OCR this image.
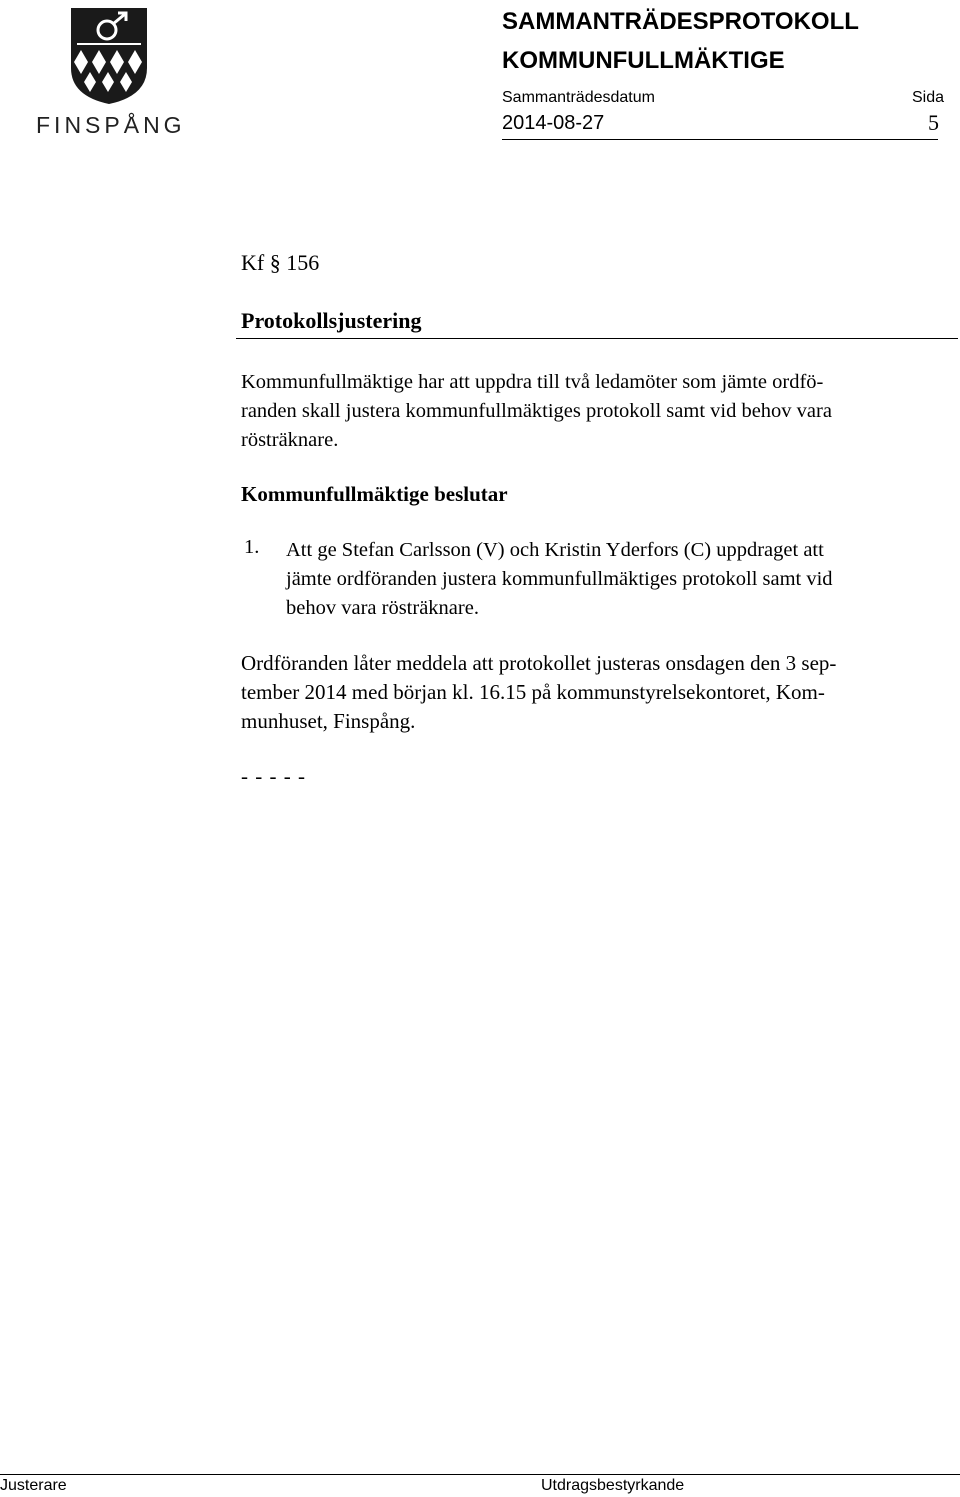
FINSPÅNG
SAMMANTRÄDESPROTOKOLL
KOMMUNFULLMÄKTIGE
Sammanträdesdatum	Sida
2014-08-27	5
Kf § 156
Protokollsjustering
Kommunfullmäktige har att uppdra till två ledamöter som jämte ordfö-
randen skall justera kommunfullmäktiges protokoll samt vid behov vara
rösträknare.
Kommunfullmäktige beslutar
1. Att ge Stefan Carlsson (V) och Kristin Yderfors (C) uppdraget att
jämte ordföranden justera kommunfullmäktiges protokoll samt vid
behov vara rösträknare.
Ordföranden låter meddela att protokollet justeras onsdagen den 3 sep-
tember 2014 med början kl. 16.15 på kommunstyrelsekontoret, Kom-
munhuset, Finspång.
- - - - -
Justerare	Utdragsbestyrkande
